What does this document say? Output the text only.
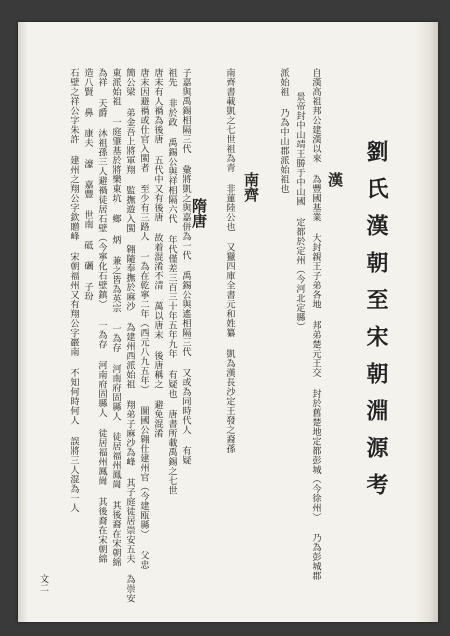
劉氏漢朝至宋朝淵源考
漢
自漢高祖邦公建漢以來 為豐國基業 大封親王子弟各地 邦弟楚元王交 封於舊楚地定都彭城（今徐州） 乃為彭城郡
景帝封中山靖王勝于中山國 定都於定州（今河北定縣）
派始祖 乃為中山郡派始祖也
南齊
南齊書載凱之七世祖為青 非蓮陸公也 又獵四庫全書元和姓纂 凱為漢長沙定王發之裔孫
隋唐
子嘉與禹錫相隔三代 彙將凱之與嘉併為一代 禹錫公與遙相隔三代 又或為同時代人 有疑
祖先 非於政 禹錫公與祥相隔六代 年代僅差三百三十年五年九年 有疑也 唐書所載禹錫之七世
唐末有人禍為後唐 五代中又有後唐 故着混淆不清 萬以唐末 後唐稱之 避免混淆
唐末因避禍或仕官入閩者 至少有三路人 一為在乾寧二年（西元八九五年） 圖國公翱仕建州官（今建瓯縣） 父忠
簡公梁 弟金吾上將軍翔 監撫遊入閩 翱隨奉撫於麻沙 為建州西派始祖 翔弟子麻沙為峰 其子庭徒居崇安五夫 為崇安
東派始祖 一庭肇基於將樂東坑 鄉 炳 兼之皆為英宗 一為存 河南府固縣人 徒居福州鳳崗 其後裔在宋朝綿
為祥 天爵 沐祖孫三人避禍徒居石壁（今寧化石壁鎮） 一為存 河南府固縣人 徒居福州鳳崗 其後裔在宋朝綿
造八賢 鼻 康夫 濠 嘉豐 世南 砥 礪 子玢
石壁之祥公字朱許 建州之翔公字欽贈峰 宋朝福州又有翔公字巖南 不知何時何人 誤將三人混為一人
文二
